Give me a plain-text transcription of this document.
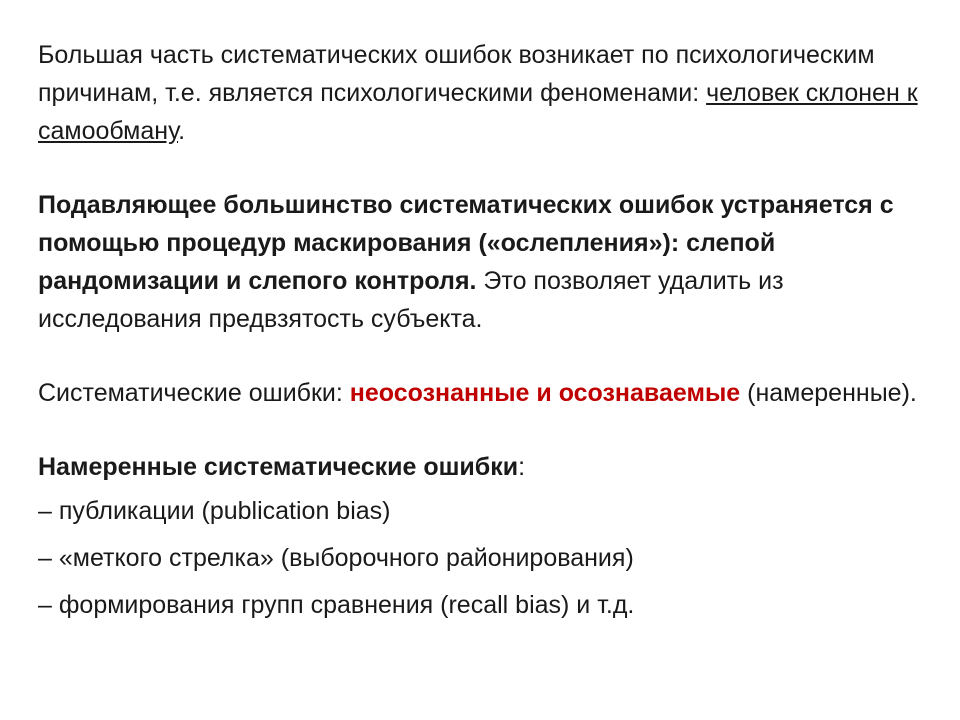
Большая часть систематических ошибок возникает по психологическим причинам, т.е. является психологическими феноменами: человек склонен к самообману.

Подавляющее большинство систематических ошибок устраняется с помощью процедур маскирования («ослепления»): слепой рандомизации и слепого контроля. Это позволяет удалить из исследования предвзятость субъекта.

Систематические ошибки: неосознанные и осознаваемые (намеренные).

Намеренные систематические ошибки:

– публикации (publication bias)

– «меткого стрелка» (выборочного районирования)

– формирования групп сравнения (recall bias) и т.д.
